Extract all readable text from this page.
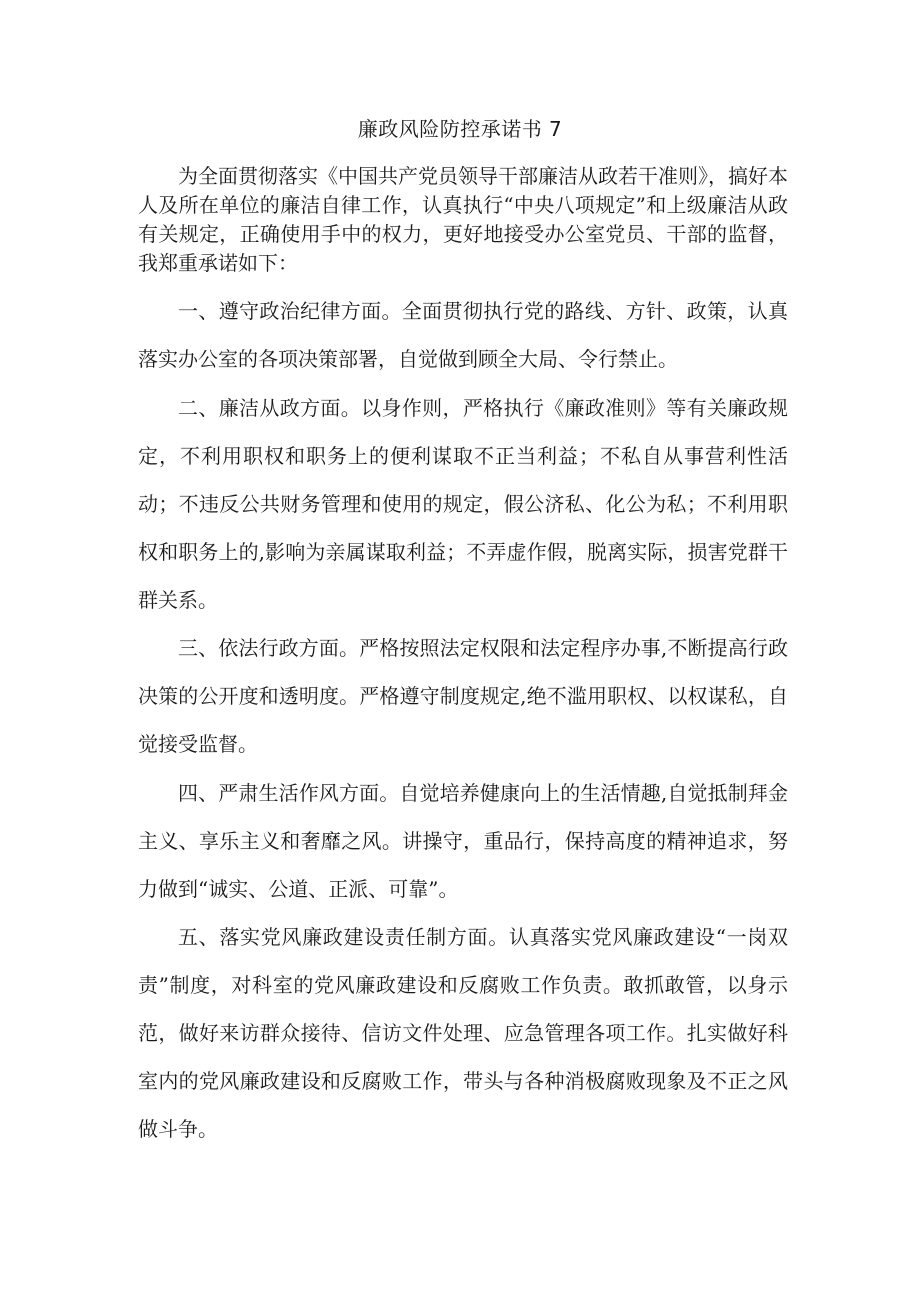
廉政风险防控承诺书 7

为全面贯彻落实《中国共产党员领导干部廉洁从政若干准则》，搞好本人及所在单位的廉洁自律工作，认真执行“中央八项规定”和上级廉洁从政有关规定，正确使用手中的权力，更好地接受办公室党员、干部的监督，我郑重承诺如下：

一、遵守政治纪律方面。全面贯彻执行党的路线、方针、政策，认真落实办公室的各项决策部署，自觉做到顾全大局、令行禁止。

二、廉洁从政方面。以身作则，严格执行《廉政准则》等有关廉政规定，不利用职权和职务上的便利谋取不正当利益；不私自从事营利性活动；不违反公共财务管理和使用的规定，假公济私、化公为私；不利用职权和职务上的,影响为亲属谋取利益；不弄虚作假，脱离实际，损害党群干群关系。

三、依法行政方面。严格按照法定权限和法定程序办事,不断提高行政决策的公开度和透明度。严格遵守制度规定,绝不滥用职权、以权谋私，自觉接受监督。

四、严肃生活作风方面。自觉培养健康向上的生活情趣,自觉抵制拜金主义、享乐主义和奢靡之风。讲操守，重品行，保持高度的精神追求，努力做到“诚实、公道、正派、可靠”。

五、落实党风廉政建设责任制方面。认真落实党风廉政建设“一岗双责”制度，对科室的党风廉政建设和反腐败工作负责。敢抓敢管，以身示范，做好来访群众接待、信访文件处理、应急管理各项工作。扎实做好科室内的党风廉政建设和反腐败工作，带头与各种消极腐败现象及不正之风做斗争。
